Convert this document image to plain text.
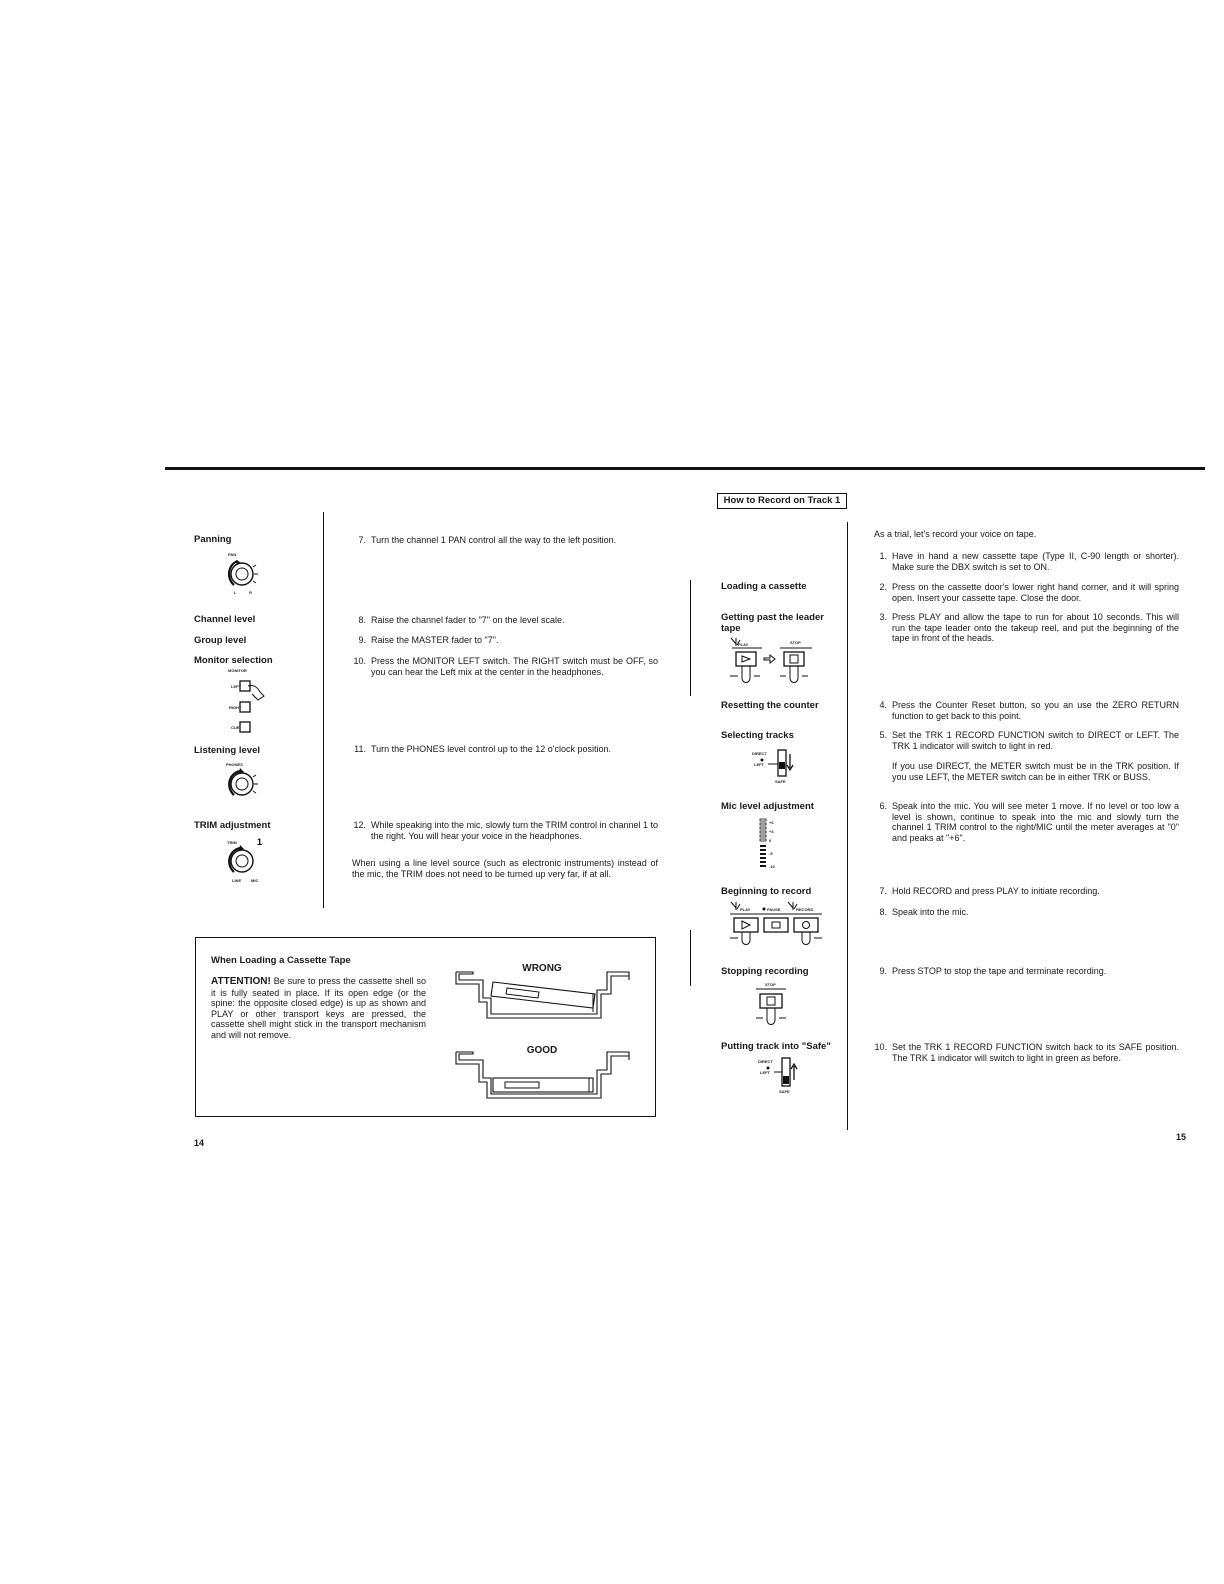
Panning
PAN
L	R
Channel level
Group level
Monitor selection
MONITOR
LEFT
RIGHT
CUE
Listening level
PHONES
TRIM adjustment
TRIM 1
LINE MIC
7. Turn the channel 1 PAN control all the way to the left position.
8. Raise the channel fader to "7" on the level scale.
9. Raise the MASTER fader to "7".
10. Press the MONITOR LEFT switch. The RIGHT switch must be OFF, so you can hear the Left mix at the center in the headphones.
11. Turn the PHONES level control up to the 12 o'clock position.
12. While speaking into the mic, slowly turn the TRIM control in channel 1 to the right. You will hear your voice in the headphones.
When using a line level source (such as electronic instruments) instead of the mic, the TRIM does not need to be turned up very far, if at all.
When Loading a Cassette Tape
ATTENTION! Be sure to press the cassette shell so it is fully seated in place. If its open edge (or the spine: the opposite closed edge) is up as shown and PLAY or other transport keys are pressed, the cassette shell might stick in the transport mechanism and will not remove.
WRONG
GOOD
14
How to Record on Track 1
Loading a cassette
Getting past the leader tape
PLAY	STOP
Resetting the counter
Selecting tracks
DIRECT
LEFT
SAFE
Mic level adjustment
+6
+3
0
-5
-10
Beginning to record
PLAY	PAUSE	RECORD
Stopping recording
STOP
Putting track into "Safe"
DIRECT
LEFT
SAFE
As a trial, let's record your voice on tape.
1. Have in hand a new cassette tape (Type II, C-90 length or shorter). Make sure the DBX switch is set to ON.
2. Press on the cassette door's lower right hand corner, and it will spring open. Insert your cassette tape. Close the door.
3. Press PLAY and allow the tape to run for about 10 seconds. This will run the tape leader onto the takeup reel, and put the beginning of the tape in front of the heads.
4. Press the Counter Reset button, so you an use the ZERO RETURN function to get back to this point.
5. Set the TRK 1 RECORD FUNCTION switch to DIRECT or LEFT. The TRK 1 indicator will switch to light in red.
If you use DIRECT, the METER switch must be in the TRK position. If you use LEFT, the METER switch can be in either TRK or BUSS.
6. Speak into the mic. You will see meter 1 move. If no level or too low a level is shown, continue to speak into the mic and slowly turn the channel 1 TRIM control to the right/MIC until the meter averages at "0" and peaks at "+6".
7. Hold RECORD and press PLAY to initiate recording.
8. Speak into the mic.
9. Press STOP to stop the tape and terminate recording.
10. Set the TRK 1 RECORD FUNCTION switch back to its SAFE position. The TRK 1 indicator will switch to light in green as before.
15
